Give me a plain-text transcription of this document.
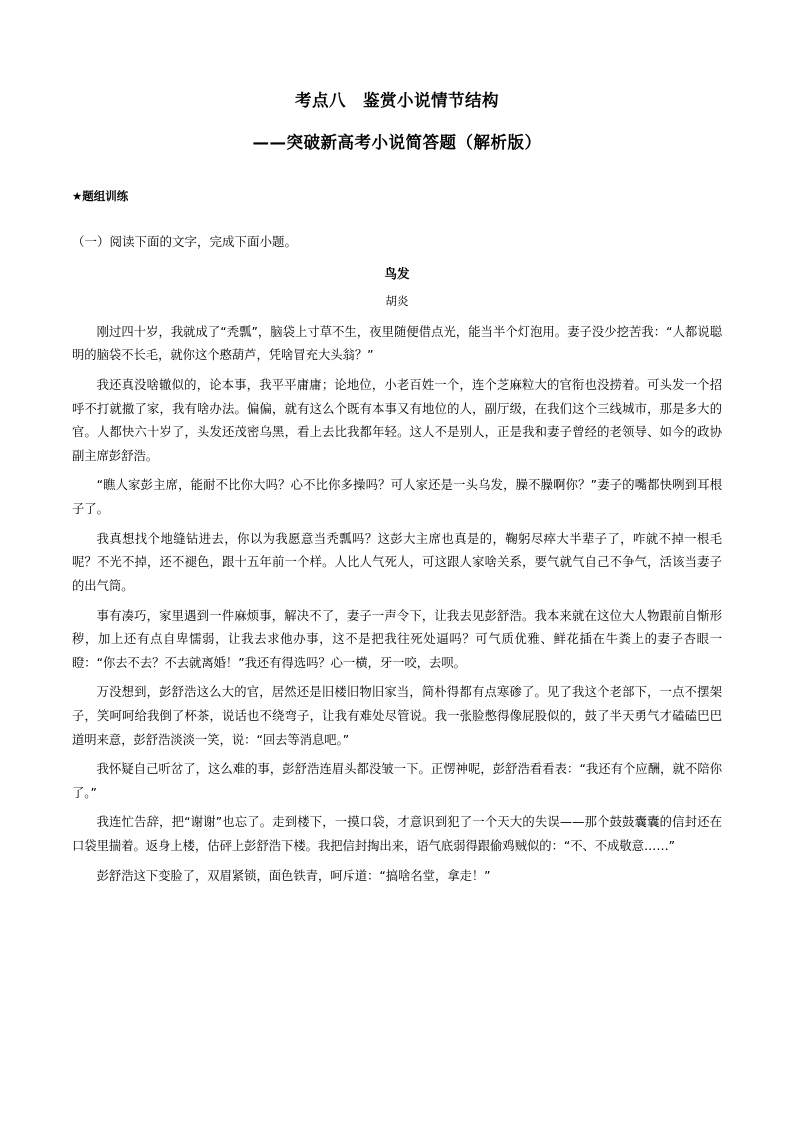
考点八　鉴赏小说情节结构
——突破新高考小说简答题（解析版）
★题组训练
（一）阅读下面的文字，完成下面小题。
鸟发
胡炎

刚过四十岁，我就成了“秃瓢”，脑袋上寸草不生，夜里随便借点光，能当半个灯泡用。妻子没少挖苦我：“人都说聪明的脑袋不长毛，就你这个憨葫芦，凭啥冒充大头翁？”

我还真没啥辙似的，论本事，我平平庸庸；论地位，小老百姓一个，连个芝麻粒大的官衔也没捞着。可头发一个招呼不打就撤了家，我有啥办法。偏偏，就有这么个既有本事又有地位的人，副厅级，在我们这个三线城市，那是多大的官。人都快六十岁了，头发还茂密乌黑，看上去比我都年轻。这人不是别人，正是我和妻子曾经的老领导、如今的政协副主席彭舒浩。

“瞧人家彭主席，能耐不比你大吗？心不比你多操吗？可人家还是一头乌发，臊不臊啊你？”妻子的嘴都快咧到耳根子了。

我真想找个地缝钻进去，你以为我愿意当秃瓢吗？这彭大主席也真是的，鞠躬尽瘁大半辈子了，咋就不掉一根毛呢？不光不掉，还不褪色，跟十五年前一个样。人比人气死人，可这跟人家啥关系，要气就气自己不争气，活该当妻子的出气筒。

事有凑巧，家里遇到一件麻烦事，解决不了，妻子一声令下，让我去见彭舒浩。我本来就在这位大人物跟前自惭形秽，加上还有点自卑懦弱，让我去求他办事，这不是把我往死处逼吗？可气质优雅、鲜花插在牛粪上的妻子杏眼一瞪：“你去不去？不去就离婚！”我还有得选吗？心一横，牙一咬，去呗。

万没想到，彭舒浩这么大的官，居然还是旧楼旧物旧家当，简朴得都有点寒碜了。见了我这个老部下，一点不摆架子，笑呵呵给我倒了杯茶，说话也不绕弯子，让我有难处尽管说。我一张脸憋得像屁股似的，鼓了半天勇气才磕磕巴巴道明来意，彭舒浩淡淡一笑，说：“回去等消息吧。”

我怀疑自己听岔了，这么难的事，彭舒浩连眉头都没皱一下。正愣神呢，彭舒浩看看表：“我还有个应酬，就不陪你了。”

我连忙告辞，把“谢谢”也忘了。走到楼下，一摸口袋，才意识到犯了一个天大的失误——那个鼓鼓囊囊的信封还在口袋里揣着。返身上楼，估砰上彭舒浩下楼。我把信封掏出来，语气底弱得跟偷鸡贼似的：“不、不成敬意……”

彭舒浩这下变脸了，双眉紧锁，面色铁青，呵斥道：“搞啥名堂，拿走！”
